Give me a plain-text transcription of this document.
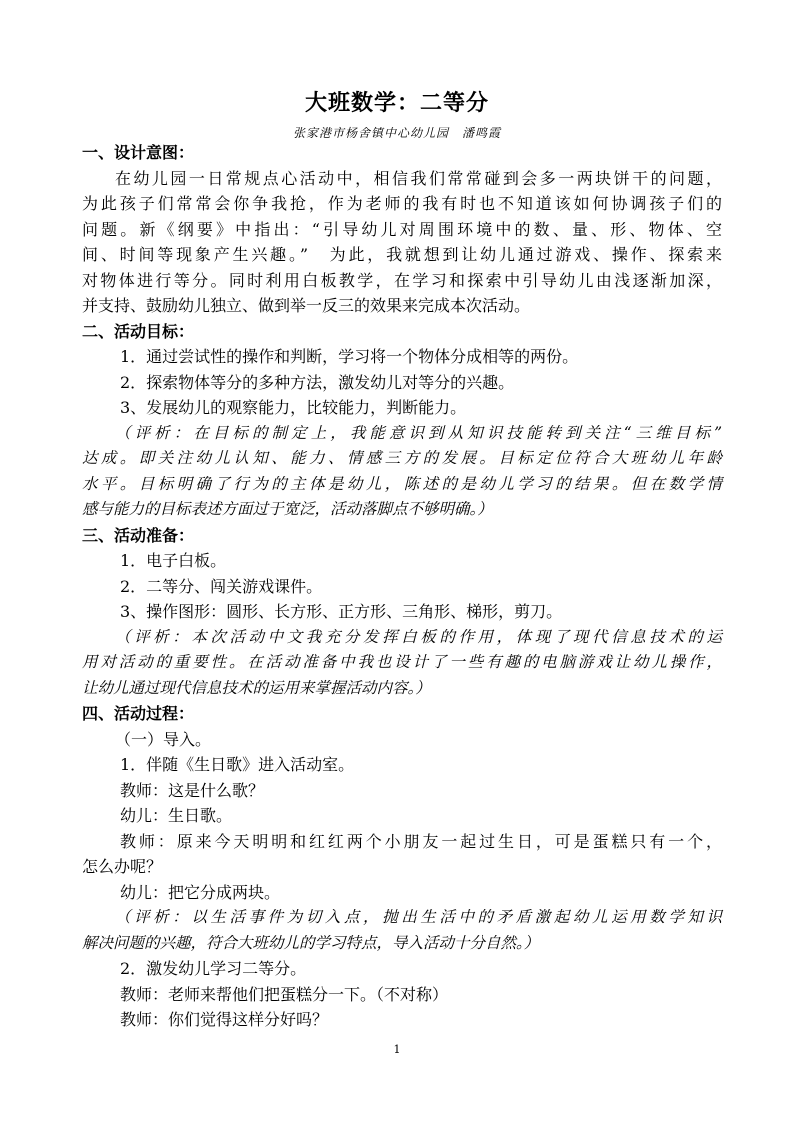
大班数学：二等分
张家港市杨舍镇中心幼儿园　潘鸣霞
一、设计意图：
在幼儿园一日常规点心活动中，相信我们常常碰到会多一两块饼干的问题，
为此孩子们常常会你争我抢，作为老师的我有时也不知道该如何协调孩子们的
问题。新《纲要》中指出：“引导幼儿对周围环境中的数、量、形、物体、空
间、时间等现象产生兴趣。”　为此，我就想到让幼儿通过游戏、操作、探索来
对物体进行等分。同时利用白板教学，在学习和探索中引导幼儿由浅逐渐加深，
并支持、鼓励幼儿独立、做到举一反三的效果来完成本次活动。
二、活动目标：
1．通过尝试性的操作和判断，学习将一个物体分成相等的两份。
2．探索物体等分的多种方法，激发幼儿对等分的兴趣。
3、发展幼儿的观察能力，比较能力，判断能力。
（评析：在目标的制定上，我能意识到从知识技能转到关注“三维目标”
达成。即关注幼儿认知、能力、情感三方的发展。目标定位符合大班幼儿年龄
水平。目标明确了行为的主体是幼儿，陈述的是幼儿学习的结果。但在数学情
感与能力的目标表述方面过于宽泛，活动落脚点不够明确。）
三、活动准备：
1．电子白板。
2．二等分、闯关游戏课件。
3、操作图形：圆形、长方形、正方形、三角形、梯形，剪刀。
（评析：本次活动中文我充分发挥白板的作用，体现了现代信息技术的运
用对活动的重要性。在活动准备中我也设计了一些有趣的电脑游戏让幼儿操作，
让幼儿通过现代信息技术的运用来掌握活动内容。）
四、活动过程：
（一）导入。
1．伴随《生日歌》进入活动室。
教师：这是什么歌？
幼儿：生日歌。
教师：原来今天明明和红红两个小朋友一起过生日，可是蛋糕只有一个，
怎么办呢？
幼儿：把它分成两块。
（评析：以生活事件为切入点，抛出生活中的矛盾激起幼儿运用数学知识
解决问题的兴趣，符合大班幼儿的学习特点，导入活动十分自然。）
2．激发幼儿学习二等分。
教师：老师来帮他们把蛋糕分一下。（不对称）
教师：你们觉得这样分好吗？
1
